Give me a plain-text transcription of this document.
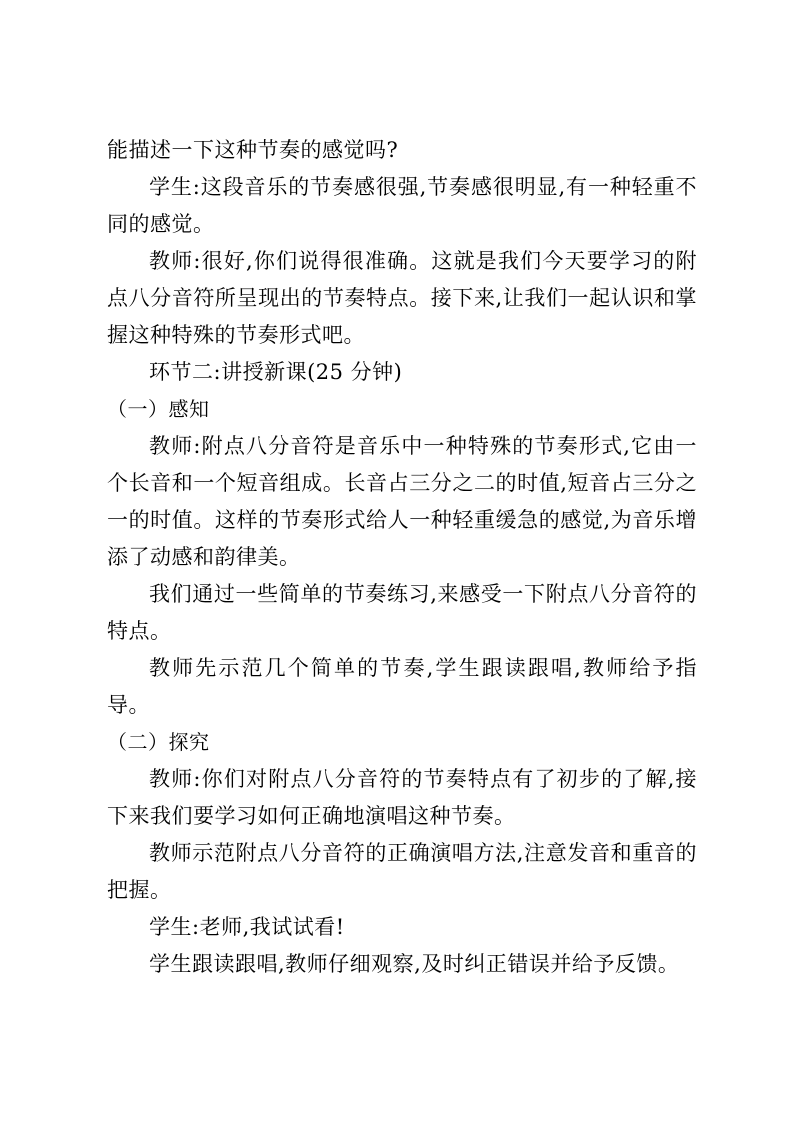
能描述一下这种节奏的感觉吗?

学生:这段音乐的节奏感很强,节奏感很明显,有一种轻重不同的感觉。

教师:很好,你们说得很准确。这就是我们今天要学习的附点八分音符所呈现出的节奏特点。接下来,让我们一起认识和掌握这种特殊的节奏形式吧。

环节二:讲授新课(25 分钟)

（一）感知

教师:附点八分音符是音乐中一种特殊的节奏形式,它由一个长音和一个短音组成。长音占三分之二的时值,短音占三分之一的时值。这样的节奏形式给人一种轻重缓急的感觉,为音乐增添了动感和韵律美。

我们通过一些简单的节奏练习,来感受一下附点八分音符的特点。

教师先示范几个简单的节奏,学生跟读跟唱,教师给予指导。

（二）探究

教师:你们对附点八分音符的节奏特点有了初步的了解,接下来我们要学习如何正确地演唱这种节奏。

教师示范附点八分音符的正确演唱方法,注意发音和重音的把握。

学生:老师,我试试看!

学生跟读跟唱,教师仔细观察,及时纠正错误并给予反馈。
